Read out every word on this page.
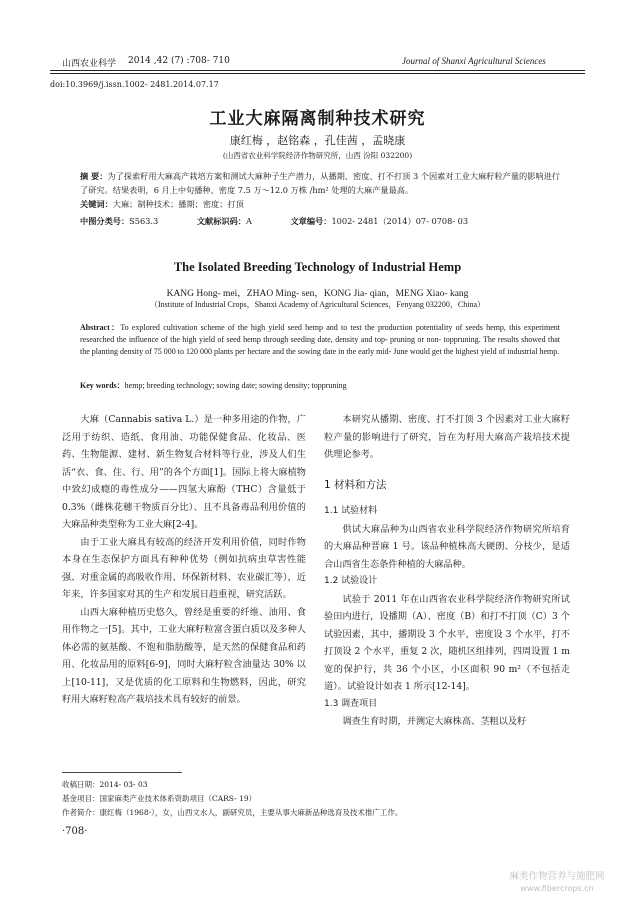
山西农业科学 2014 ,42 (7) :708- 710	Journal of Shanxi Agricultural Sciences
doi:10.3969/j.issn.1002- 2481.2014.07.17
工业大麻隔离制种技术研究
康红梅 ，赵铭森 ，孔佳茜 ，孟晓康
(山西省农业科学院经济作物研究所，山西 汾阳 032200)
摘 要：为了探索籽用大麻高产栽培方案和测试大麻种子生产潜力，从播期、密度、打不打顶 3 个因素对工业大麻籽粒产量的影响进行了研究。结果表明，6 月上中旬播种、密度 7.5 万～12.0 万株 /hm² 处理的大麻产量最高。
关键词：大麻；制种技术；播期；密度；打顶
中图分类号：S563.3	文献标识码：A	文章编号：1002- 2481（2014）07- 0708- 03
The Isolated Breeding Technology of Industrial Hemp
KANG Hong- mei，ZHAO Ming- sen，KONG Jia- qian，MENG Xiao- kang
（Institute of Industrial Crops，Shanxi Academy of Agricultural Sciences，Fenyang 032200，China）
Abstract：To explored cultivation scheme of the high yield seed hemp and to test the production potentiality of seeds hemp, this experiment researched the influence of the high yield of seed hemp through seeding date, density and top- pruning or non- toppruning. The results showed that the planting density of 75 000 to 120 000 plants per hectare and the sowing date in the early mid- June would get the highest yield of industrial hemp.
Key words：hemp; breeding technology; sowing date; sowing density; toppruning

大麻（Cannabis sativa L.）是一种多用途的作物，广泛用于纺织、造纸、食用油、功能保健食品、化妆品、医药、生物能源、建材、新生物复合材料等行业，涉及人们生活“衣、食、住、行、用”的各个方面[1]。国际上将大麻植物中致幻成瘾的毒性成分——四氢大麻酚（THC）含量低于 0.3%（雌株花穗干物质百分比）、且不具备毒品利用价值的大麻品种类型称为工业大麻[2-4]。

由于工业大麻具有较高的经济开发利用价值，同时作物本身在生态保护方面具有种种优势（例如抗病虫草害性能强、对重金属的高吸收作用、环保新材料、农业碳汇等），近年来，许多国家对其的生产和发展日趋重视，研究活跃。

山西大麻种植历史悠久，曾经是重要的纤维、油用、食用作物之一[5]。其中，工业大麻籽粒富含蛋白质以及多种人体必需的氨基酸、不饱和脂肪酸等，是天然的保健食品和药用、化妆品用的原料[6-9]，同时大麻籽粒含油量达 30% 以上[10-11]，又是优质的化工原料和生物燃料，因此，研究籽用大麻籽粒高产栽培技术具有较好的前景。

本研究从播期、密度、打不打顶 3 个因素对工业大麻籽粒产量的影响进行了研究，旨在为籽用大麻高产栽培技术提供理论参考。

1 材料和方法
1.1 试验材料

供试大麻品种为山西省农业科学院经济作物研究所培育的大麻品种晋麻 1 号。该品种植株高大硬朗、分枝少，是适合山西省生态条件种植的大麻品种。

1.2 试验设计

试验于 2011 年在山西省农业科学院经济作物研究所试验田内进行，设播期（A）、密度（B）和打不打顶（C）3 个试验因素，其中，播期设 3 个水平，密度设 3 个水平，打不打顶设 2 个水平，重复 2 次，随机区组排列，四周设置 1 m 宽的保护行，共 36 个小区，小区面积 90 m²（不包括走道）。试验设计如表 1 所示[12-14]。

1.3 调查项目

调查生育时期，并测定大麻株高、茎粗以及籽

收稿日期：2014- 03- 03
基金项目：国家麻类产业技术体系资助项目（CARS- 19）
作者简介：康红梅（1968-），女，山西文水人，副研究员，主要从事大麻新品种选育及技术推广工作。
·708·
麻类作物营养与施肥网
www.fibercrops.cn
